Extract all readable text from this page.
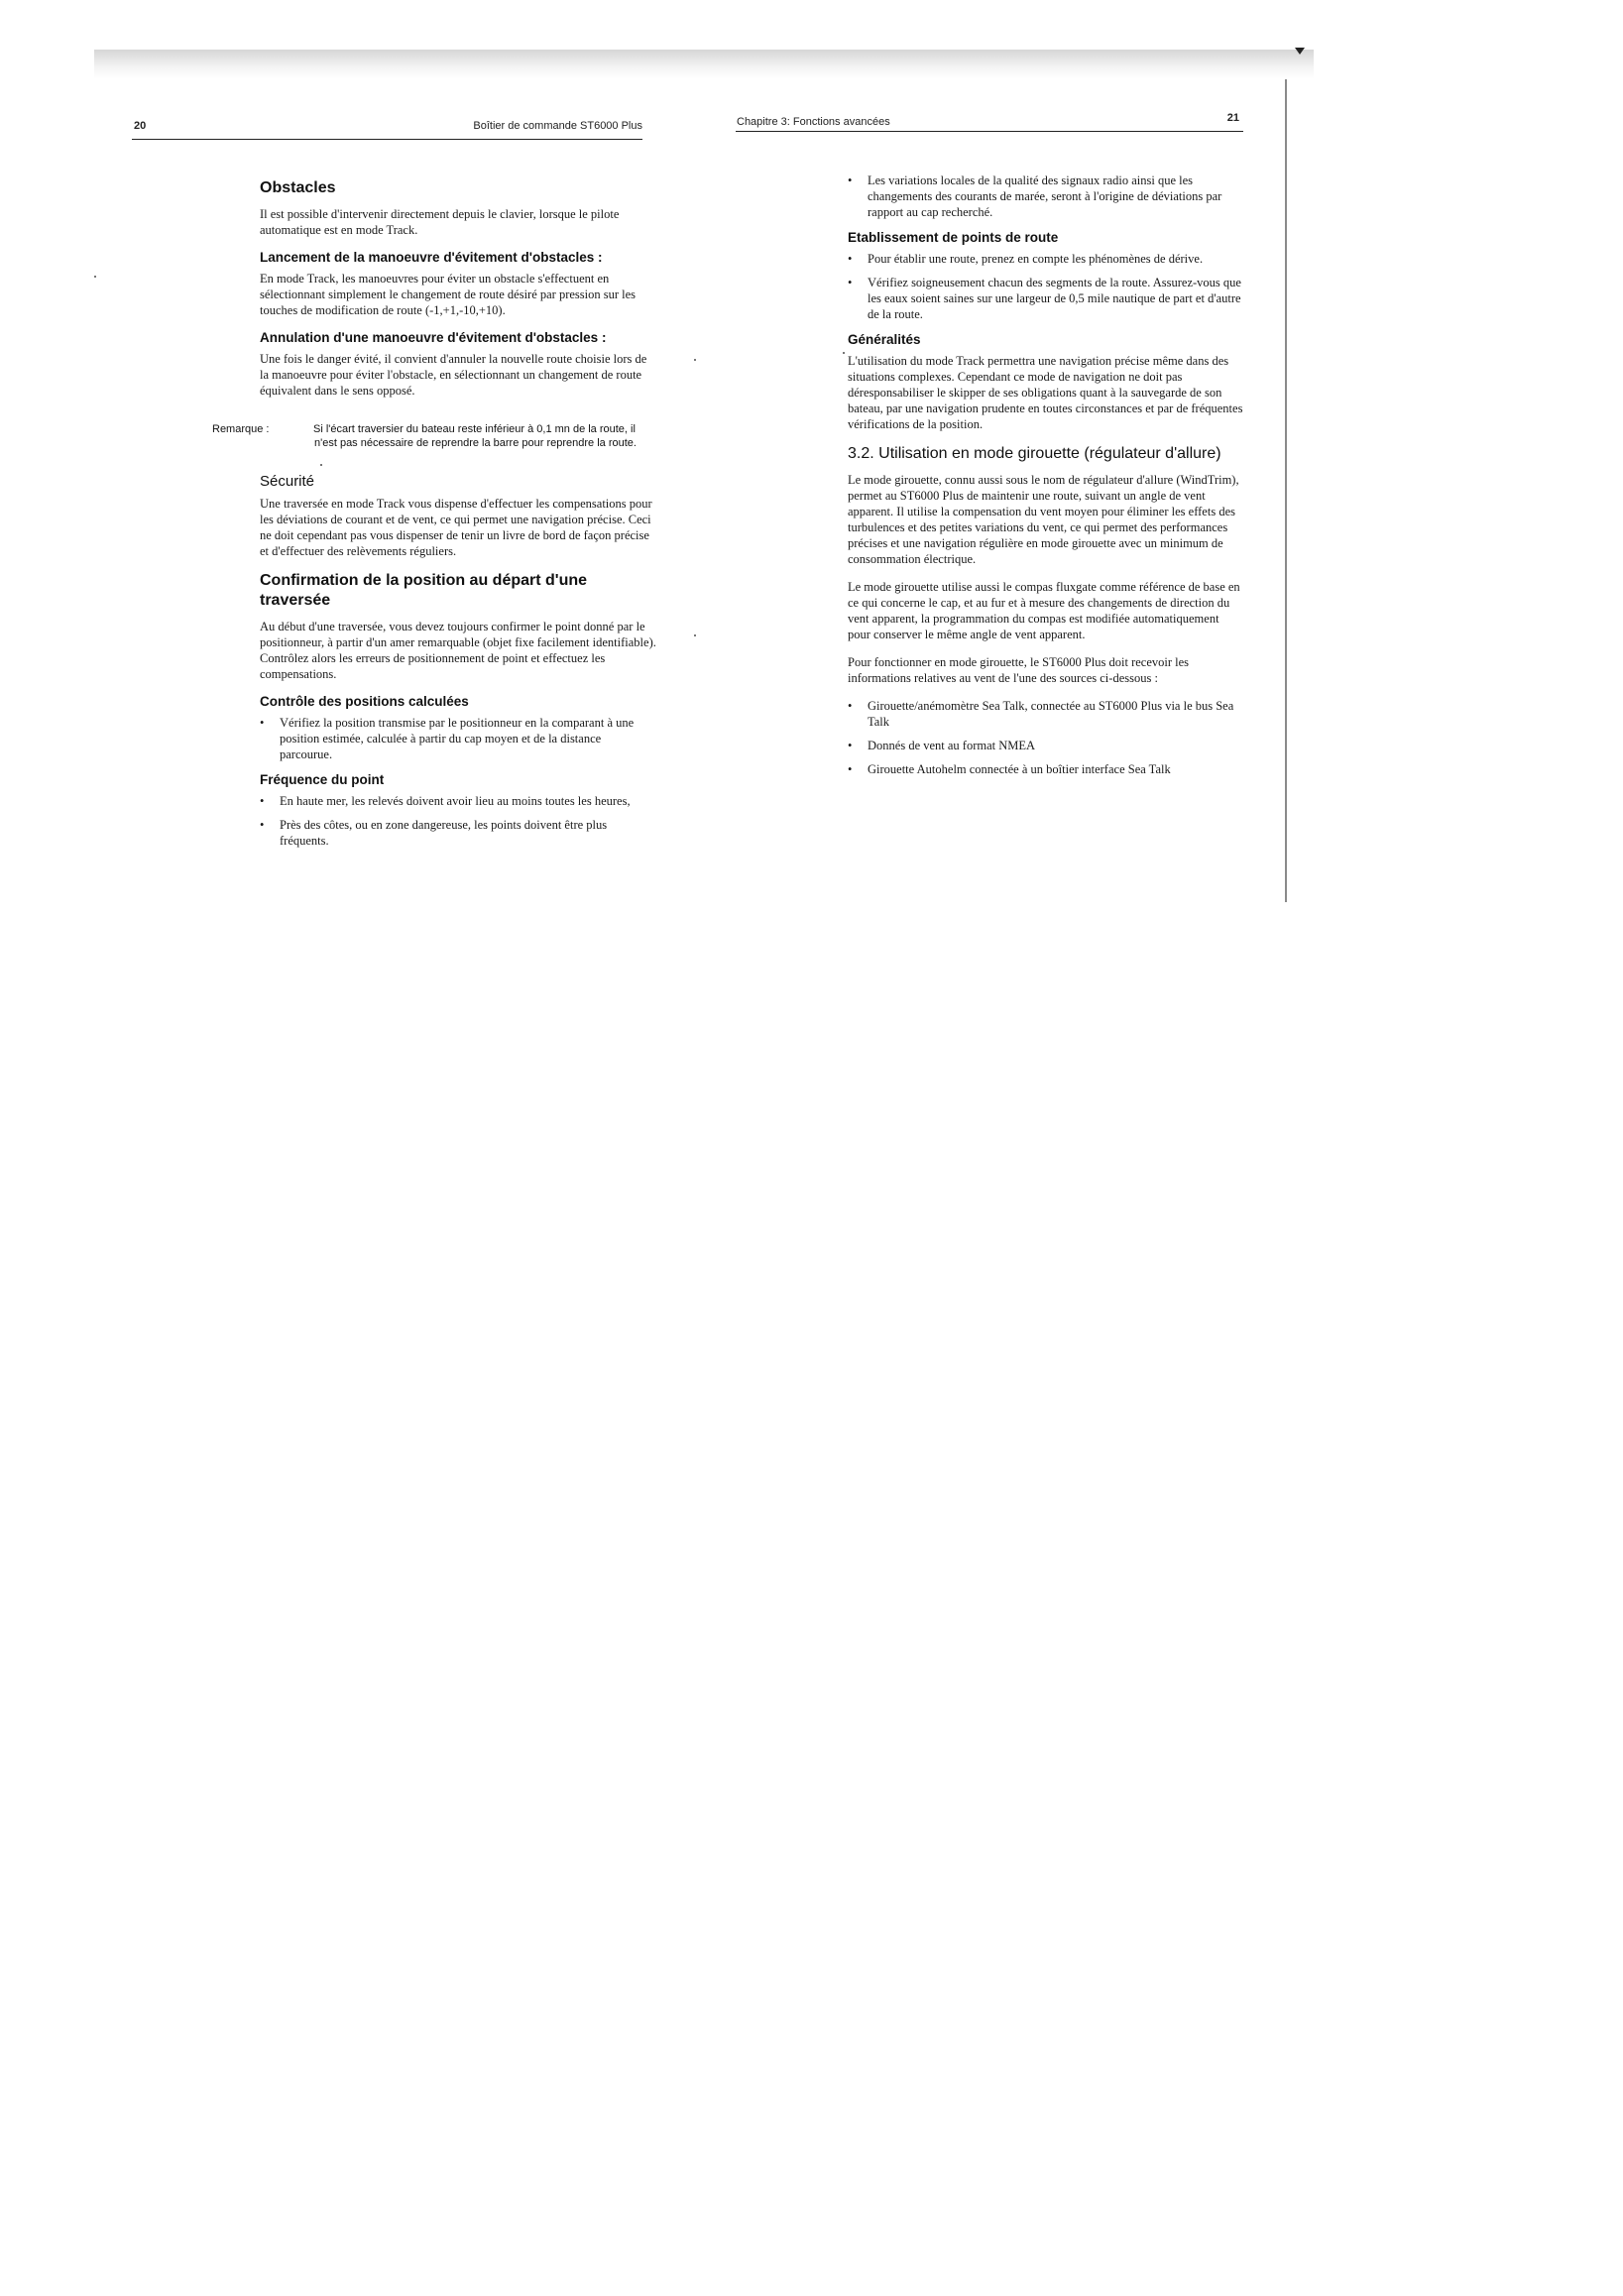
20	Boîtier de commande ST6000 Plus
Obstacles

Il est possible d'intervenir directement depuis le clavier, lorsque le pilote automatique est en mode Track.

Lancement de la manoeuvre d'évitement d'obstacles :

En mode Track, les manoeuvres pour éviter un obstacle s'effectuent en sélectionnant simplement le changement de route désiré par pression sur les touches de modification de route (-1,+1,-10,+10).

Annulation d'une manoeuvre d'évitement d'obstacles :

Une fois le danger évité, il convient d'annuler la nouvelle route choisie lors de la manoeuvre pour éviter l'obstacle, en sélectionnant un changement de route équivalent dans le sens opposé.

Remarque :	Si l'écart traversier du bateau reste inférieur à 0,1 mn de la route, il
n'est pas nécessaire de reprendre la barre pour reprendre la route.
Sécurité

Une traversée en mode Track vous dispense d'effectuer les compensations pour les déviations de courant et de vent, ce qui permet une navigation précise. Ceci ne doit cependant pas vous dispenser de tenir un livre de bord de façon précise et d'effectuer des relèvements réguliers.

Confirmation de la position au départ d'une traversée

Au début d'une traversée, vous devez toujours confirmer le point donné par le positionneur, à partir d'un amer remarquable (objet fixe facilement identifiable). Contrôlez alors les erreurs de positionnement de point et effectuez les compensations.

Contrôle des positions calculées
• Vérifiez la position transmise par le positionneur en la comparant à une position estimée, calculée à partir du cap moyen et de la distance parcourue.
Fréquence du point
• En haute mer, les relevés doivent avoir lieu au moins toutes les heures,
• Près des côtes, ou en zone dangereuse, les points doivent être plus fréquents.
Chapitre 3: Fonctions avancées	21
• Les variations locales de la qualité des signaux radio ainsi que les changements des courants de marée, seront à l'origine de déviations par rapport au cap recherché.
Etablissement de points de route
• Pour établir une route, prenez en compte les phénomènes de dérive.
• Vérifiez soigneusement chacun des segments de la route. Assurez-vous que les eaux soient saines sur une largeur de 0,5 mile nautique de part et d'autre de la route.
Généralités

L'utilisation du mode Track permettra une navigation précise même dans des situations complexes. Cependant ce mode de navigation ne doit pas déresponsabiliser le skipper de ses obligations quant à la sauvegarde de son bateau, par une navigation prudente en toutes circonstances et par de fréquentes vérifications de la position.

3.2. Utilisation en mode girouette (régulateur d'allure)

Le mode girouette, connu aussi sous le nom de régulateur d'allure (WindTrim), permet au ST6000 Plus de maintenir une route, suivant un angle de vent apparent. Il utilise la compensation du vent moyen pour éliminer les effets des turbulences et des petites variations du vent, ce qui permet des performances précises et une navigation régulière en mode girouette avec un minimum de consommation électrique.

Le mode girouette utilise aussi le compas fluxgate comme référence de base en ce qui concerne le cap, et au fur et à mesure des changements de direction du vent apparent, la programmation du compas est modifiée automatiquement pour conserver le même angle de vent apparent.

Pour fonctionner en mode girouette, le ST6000 Plus doit recevoir les informations relatives au vent de l'une des sources ci-dessous :

• Girouette/anémomètre Sea Talk, connectée au ST6000 Plus via le bus Sea Talk
• Donnés de vent au format NMEA
• Girouette Autohelm connectée à un boîtier interface Sea Talk
